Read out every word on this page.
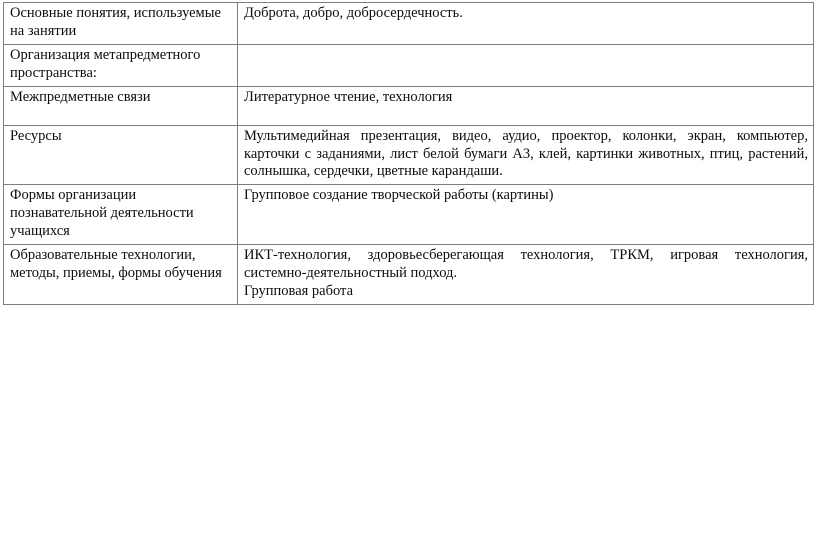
Основные понятия, используемые на занятии	Доброта, добро, добросердечность.

Организация метапредметного пространства:	

Межпредметные связи	Литературное чтение, технология

Ресурсы	Мультимедийная презентация, видео, аудио, проектор, колонки, экран, компьютер, карточки с заданиями, лист белой бумаги А3, клей, картинки животных, птиц, растений, солнышка, сердечки, цветные карандаши.

Формы организации познавательной деятельности учащихся	Групповое создание творческой работы (картины)

Образовательные технологии, методы, приемы, формы обучения	ИКТ-технология, здоровьесберегающая технология, ТРКМ, игровая технология, системно-деятельностный подход.
Групповая работа
